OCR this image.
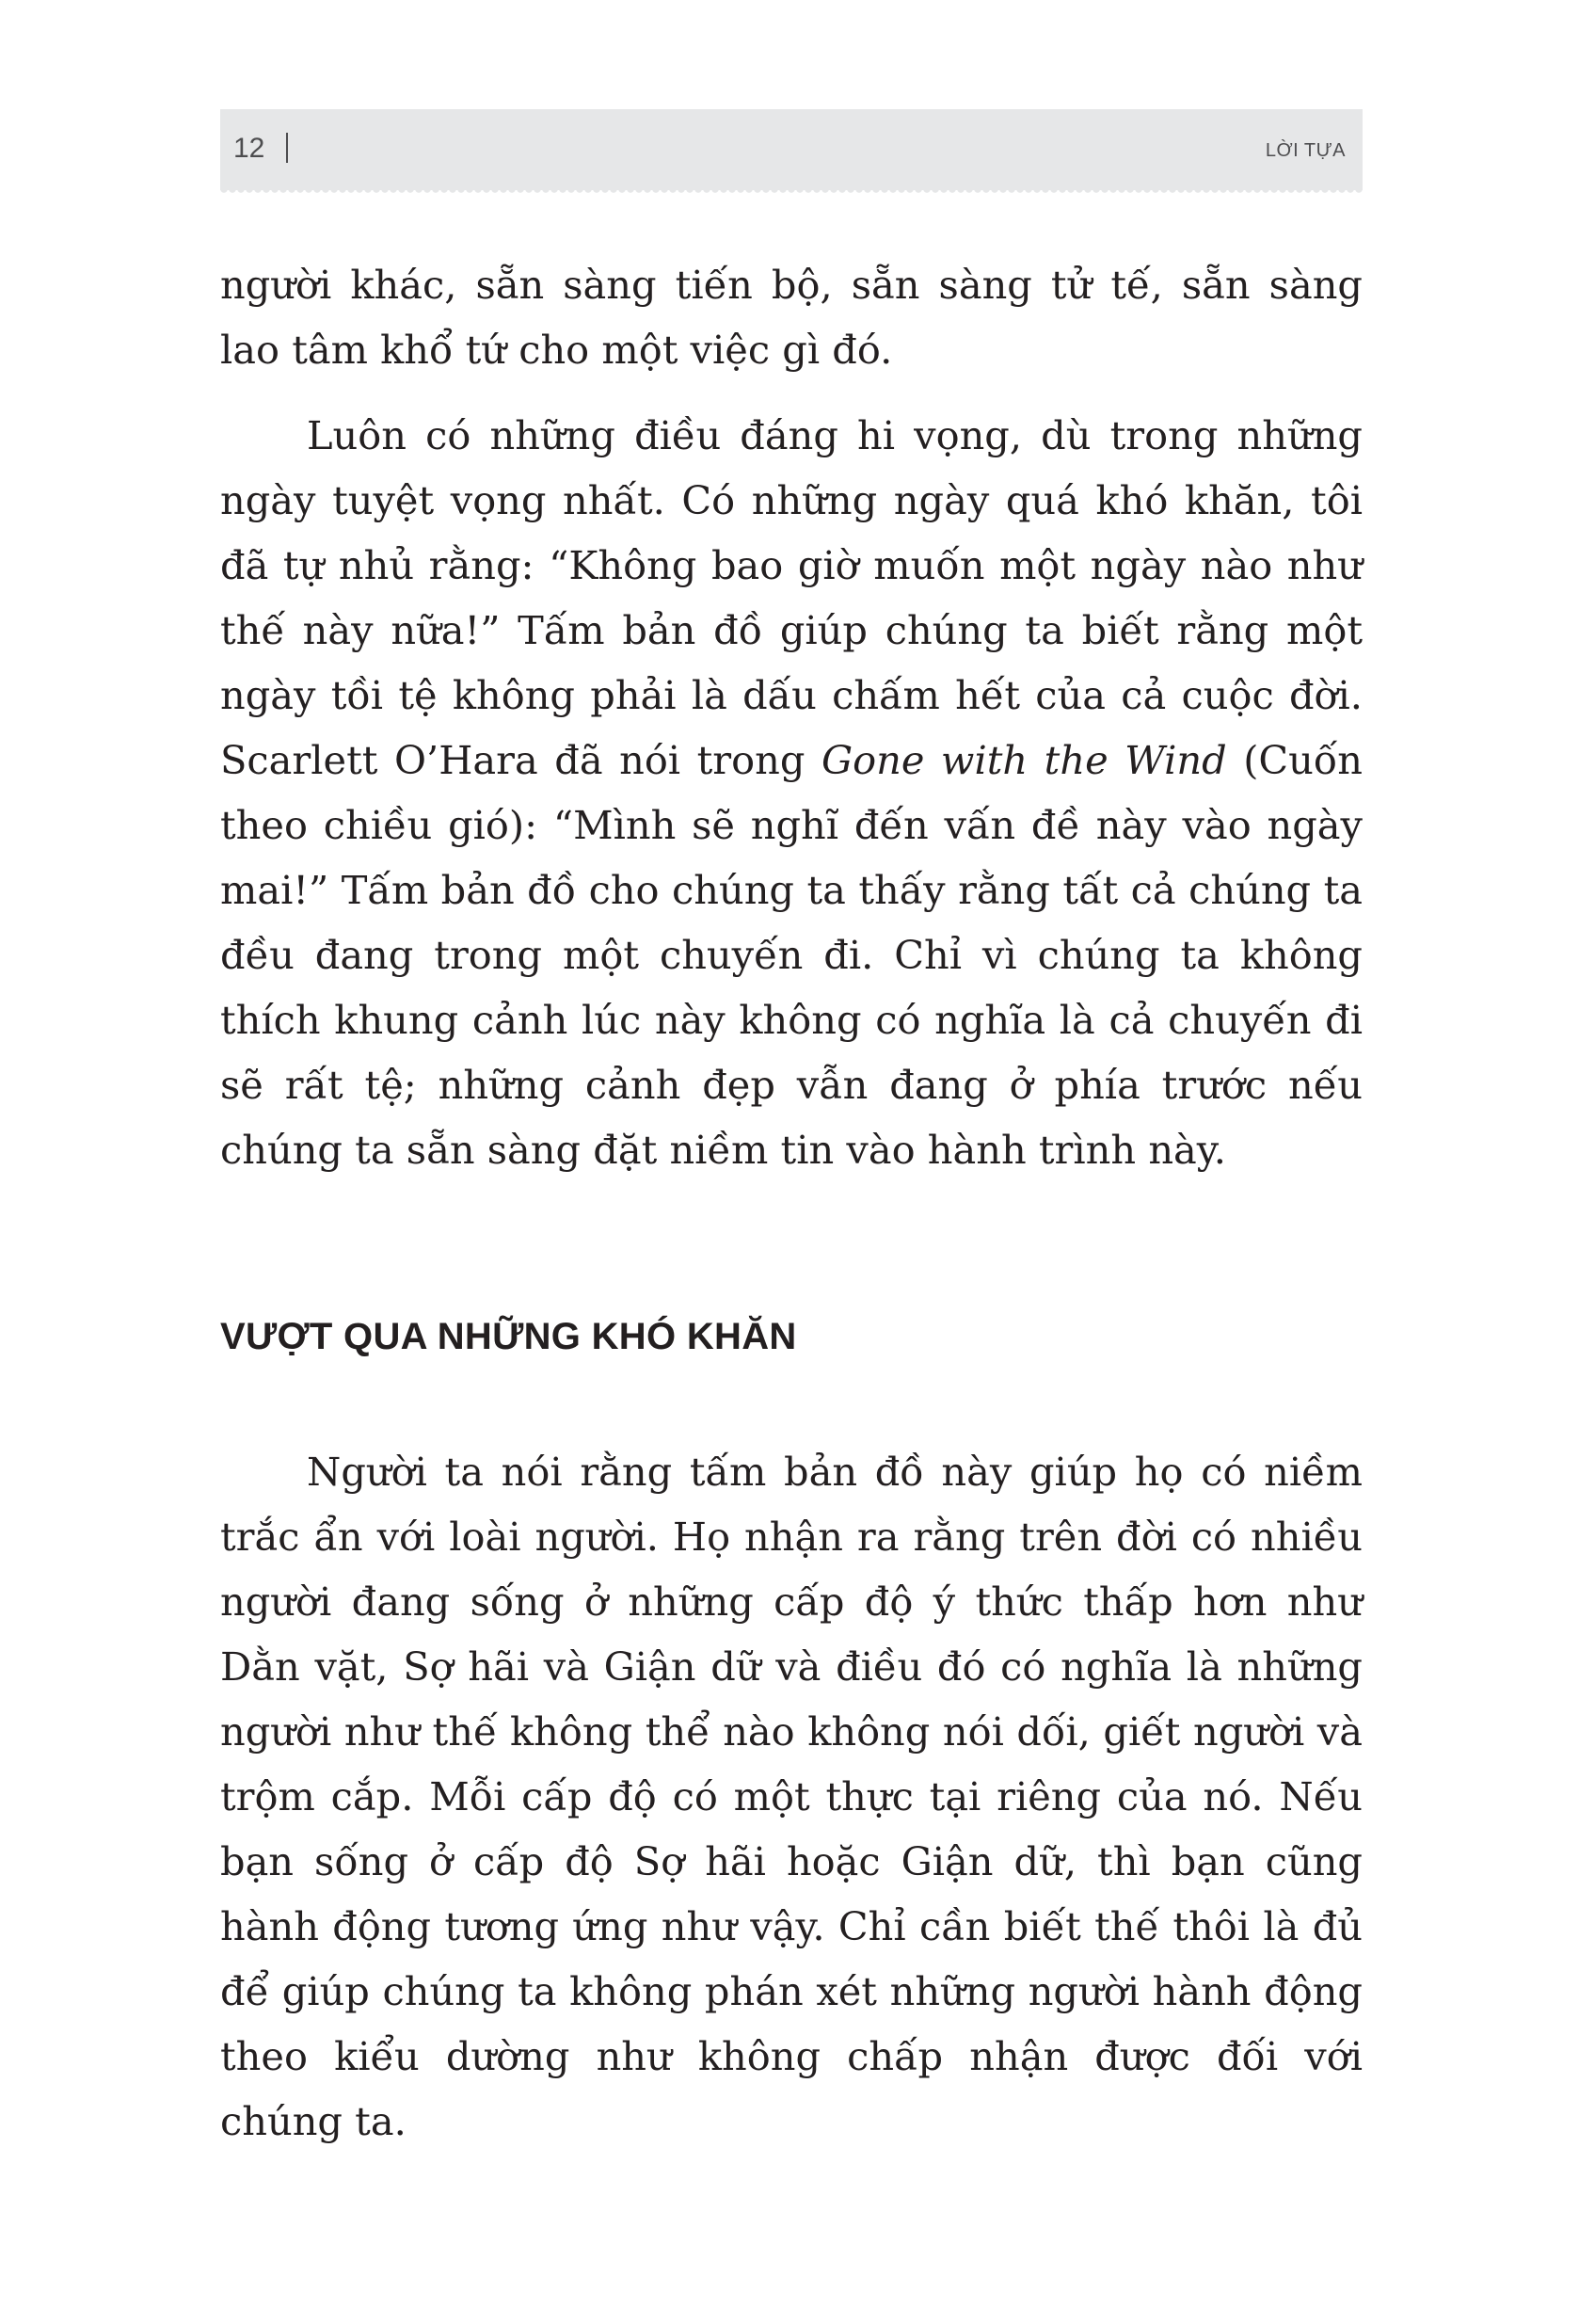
12	LỜI TỰA

người khác, sẵn sàng tiến bộ, sẵn sàng tử tế, sẵn sàng lao tâm khổ tứ cho một việc gì đó.

Luôn có những điều đáng hi vọng, dù trong những ngày tuyệt vọng nhất. Có những ngày quá khó khăn, tôi đã tự nhủ rằng: “Không bao giờ muốn một ngày nào như thế này nữa!” Tấm bản đồ giúp chúng ta biết rằng một ngày tồi tệ không phải là dấu chấm hết của cả cuộc đời. Scarlett O’Hara đã nói trong Gone with the Wind (Cuốn theo chiều gió): “Mình sẽ nghĩ đến vấn đề này vào ngày mai!” Tấm bản đồ cho chúng ta thấy rằng tất cả chúng ta đều đang trong một chuyến đi. Chỉ vì chúng ta không thích khung cảnh lúc này không có nghĩa là cả chuyến đi sẽ rất tệ; những cảnh đẹp vẫn đang ở phía trước nếu chúng ta sẵn sàng đặt niềm tin vào hành trình này.

VƯỢT QUA NHỮNG KHÓ KHĂN

Người ta nói rằng tấm bản đồ này giúp họ có niềm trắc ẩn với loài người. Họ nhận ra rằng trên đời có nhiều người đang sống ở những cấp độ ý thức thấp hơn như Dằn vặt, Sợ hãi và Giận dữ và điều đó có nghĩa là những người như thế không thể nào không nói dối, giết người và trộm cắp. Mỗi cấp độ có một thực tại riêng của nó. Nếu bạn sống ở cấp độ Sợ hãi hoặc Giận dữ, thì bạn cũng hành động tương ứng như vậy. Chỉ cần biết thế thôi là đủ để giúp chúng ta không phán xét những người hành động theo kiểu dường như không chấp nhận được đối với chúng ta.
